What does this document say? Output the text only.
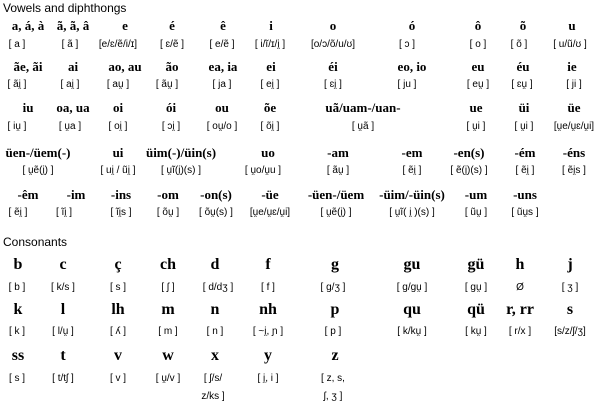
Vowels and diphthongs
Consonants
a, á, à
[ a ]
ã, ã, â
[ ã ]
e
[e/ɛ/ẽ/i/ɪ]
é
[ ɛ/ẽ ]
ê
[ e/ẽ ]
i
[ i/ĩ/ɪ/i̯ ]
o
[o/ɔ/õ/u/ʊ]
ó
[ ɔ ]
ô
[ o ]
õ
[ õ ]
u
[ u/ũ/ʊ ]
ãe, ãi
[ ãi̯ ]
ai
[ ai̯ ]
ao, au
[ au̯ ]
ão
[ ãu̯ ]
ea, ia
[ ja ]
ei
[ ei̯ ]
éi
[ ɛi̯ ]
eo, io
[ ju ]
eu
[ eu̯ ]
éu
[ ɛu̯ ]
ie
[ ji ]
iu
[ iu̯ ]
oa, ua
[ u̯a ]
oi
[ oi̯ ]
ói
[ ɔi̯ ]
ou
[ ou̯/o ]
õe
[ õi̯ ]
uã/uam-/uan-
[ u̯ã ]
ue
[ u̯i ]
üi
[ u̯i ]
üe
[u̯e/u̯ɛ/u̯i]
üen-/üem(-)
[ u̯ẽ(i̯) ]
ui
[ ui̯ / ũi̯ ]
üim(-)/üin(s)
[ u̯ĩ(i̯)(s) ]
uo
[ u̯o/u̯u ]
-am
[ ãu̯ ]
-em
[ ẽi̯ ]
-en(s)
[ ẽ(i̯)(s) ]
-ém
[ ẽi̯ ]
-éns
[ ẽi̯s ]
-êm
[ ẽi̯ ]
-im
[ ĩi̯ ]
-ins
[ ĩi̯s ]
-om
[ õu̯ ]
-on(s)
[ õu̯(s) ]
-üe
[u̯e/u̯ɛ/u̯i]
-üen-/üem
[ u̯ẽ(i̯) ]
-üim/-üin(s)
[ u̯ĩ( i̯ )(s) ]
-um
[ ũu̯ ]
-uns
[ ũu̯s ]
b
[ b ]
c
[ k/s ]
ç
[ s ]
ch
[ ʃ ]
d
[ d/dʒ ]
f
[ f ]
g
[ g/ʒ ]
gu
[ g/gu̯ ]
gü
[ gu̯ ]
h
Ø
j
[ ʒ ]
k
[ k ]
l
[ l/u̯ ]
lh
[ ʎ ]
m
[ m ]
n
[ n ]
nh
[ ~i̯, ɲ ]
p
[ p ]
qu
[ k/ku̯ ]
qü
[ ku̯ ]
r, rr
[ r/x ]
s
[s/z/ʃ/ʒ]
ss
[ s ]
t
[ t/tʃ ]
v
[ v ]
w
[ u̯/v ]
x
[ ʃ/s/
y
[ i̯, i ]
z
[ z, s,
z/ks ]	ʃ, ʒ ]
